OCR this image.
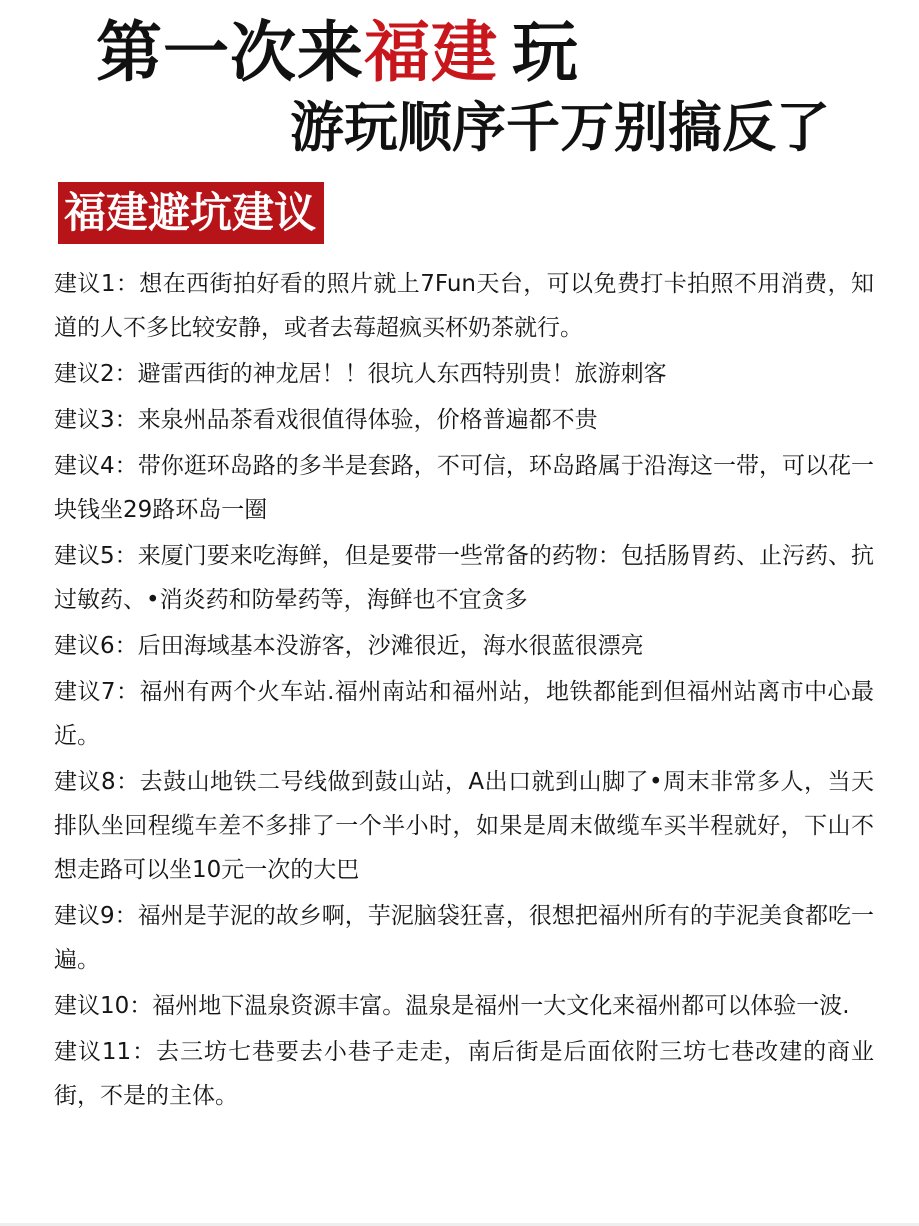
第一次来福建 玩
游玩顺序千万别搞反了
福建避坑建议
建议1：想在西街拍好看的照片就上7Fun天台，可以免费打卡拍照不用消费，知道的人不多比较安静，或者去莓超疯买杯奶茶就行。
建议2：避雷西街的神龙居！！很坑人东西特别贵！旅游刺客
建议3：来泉州品茶看戏很值得体验，价格普遍都不贵
建议4：带你逛环岛路的多半是套路，不可信，环岛路属于沿海这一带，可以花一块钱坐29路环岛一圈
建议5：来厦门要来吃海鲜，但是要带一些常备的药物：包括肠胃药、止污药、抗过敏药、•消炎药和防晕药等，海鲜也不宜贪多
建议6：后田海域基本没游客，沙滩很近，海水很蓝很漂亮
建议7：福州有两个火车站.福州南站和福州站，地铁都能到但福州站离市中心最近。
建议8：去鼓山地铁二号线做到鼓山站，A出口就到山脚了•周末非常多人，当天排队坐回程缆车差不多排了一个半小时，如果是周末做缆车买半程就好，下山不想走路可以坐10元一次的大巴
建议9：福州是芋泥的故乡啊，芋泥脑袋狂喜，很想把福州所有的芋泥美食都吃一遍。
建议10：福州地下温泉资源丰富。温泉是福州一大文化来福州都可以体验一波.
建议11：去三坊七巷要去小巷子走走，南后街是后面依附三坊七巷改建的商业街，不是的主体。
